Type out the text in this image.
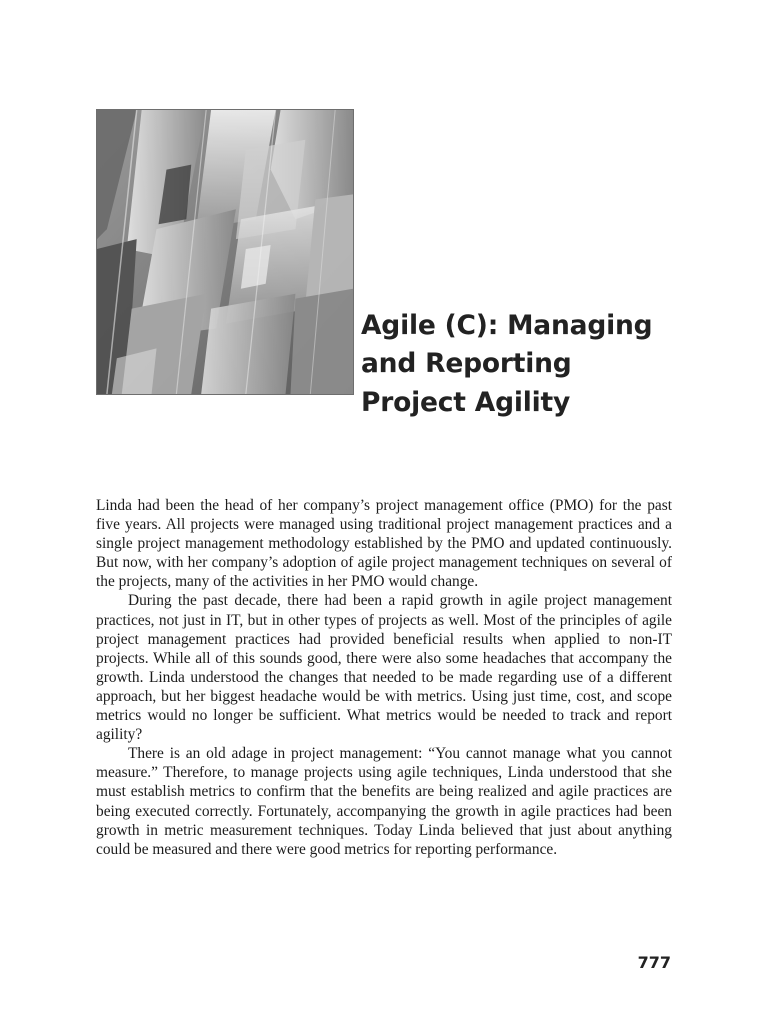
Agile (C): Managing
and Reporting
Project Agility

Linda had been the head of her company’s project management office (PMO) for the past five years. All projects were managed using traditional project management practices and a single project management methodology established by the PMO and updated continuously. But now, with her company’s adoption of agile project management techniques on several of the projects, many of the activities in her PMO would change.

During the past decade, there had been a rapid growth in agile project management practices, not just in IT, but in other types of projects as well. Most of the principles of agile project management practices had provided beneficial results when applied to non-IT projects. While all of this sounds good, there were also some headaches that accompany the growth. Linda understood the changes that needed to be made regarding use of a different approach, but her biggest headache would be with metrics. Using just time, cost, and scope metrics would no longer be sufficient. What metrics would be needed to track and report agility?

There is an old adage in project management: “You cannot manage what you cannot measure.” Therefore, to manage projects using agile techniques, Linda understood that she must establish metrics to confirm that the benefits are being realized and agile practices are being executed correctly. Fortunately, accompanying the growth in agile practices had been growth in metric measurement techniques. Today Linda believed that just about anything could be measured and there were good metrics for reporting performance.

777
